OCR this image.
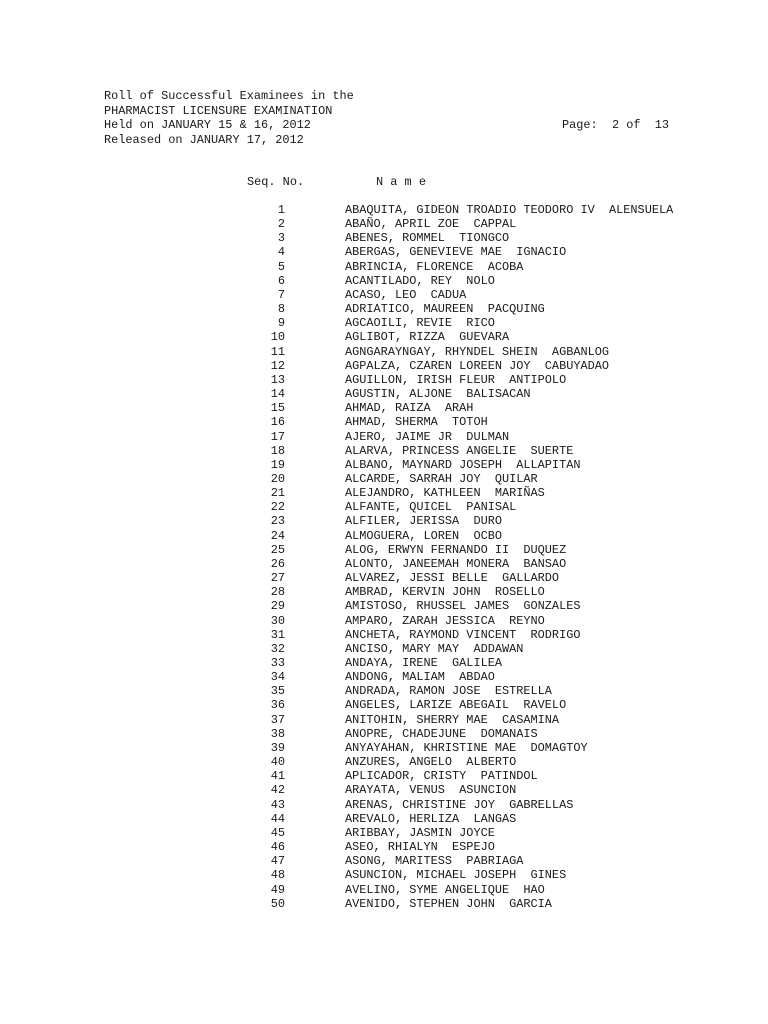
Roll of Successful Examinees in the
PHARMACIST LICENSURE EXAMINATION
Held on JANUARY 15 & 16, 2012
Released on JANUARY 17, 2012
Page:  2 of  13
Seq. No.	N a m e
1	ABAQUITA, GIDEON TROADIO TEODORO IV  ALENSUELA
2	ABAÑO, APRIL ZOE  CAPPAL
3	ABENES, ROMMEL  TIONGCO
4	ABERGAS, GENEVIEVE MAE  IGNACIO
5	ABRINCIA, FLORENCE  ACOBA
6	ACANTILADO, REY  NOLO
7	ACASO, LEO  CADUA
8	ADRIATICO, MAUREEN  PACQUING
9	AGCAOILI, REVIE  RICO
10	AGLIBOT, RIZZA  GUEVARA
11	AGNGARAYNGAY, RHYNDEL SHEIN  AGBANLOG
12	AGPALZA, CZAREN LOREEN JOY  CABUYADAO
13	AGUILLON, IRISH FLEUR  ANTIPOLO
14	AGUSTIN, ALJONE  BALISACAN
15	AHMAD, RAIZA  ARAH
16	AHMAD, SHERMA  TOTOH
17	AJERO, JAIME JR  DULMAN
18	ALARVA, PRINCESS ANGELIE  SUERTE
19	ALBANO, MAYNARD JOSEPH  ALLAPITAN
20	ALCARDE, SARRAH JOY  QUILAR
21	ALEJANDRO, KATHLEEN  MARIÑAS
22	ALFANTE, QUICEL  PANISAL
23	ALFILER, JERISSA  DURO
24	ALMOGUERA, LOREN  OCBO
25	ALOG, ERWYN FERNANDO II  DUQUEZ
26	ALONTO, JANEEMAH MONERA  BANSAO
27	ALVAREZ, JESSI BELLE  GALLARDO
28	AMBRAD, KERVIN JOHN  ROSELLO
29	AMISTOSO, RHUSSEL JAMES  GONZALES
30	AMPARO, ZARAH JESSICA  REYNO
31	ANCHETA, RAYMOND VINCENT  RODRIGO
32	ANCISO, MARY MAY  ADDAWAN
33	ANDAYA, IRENE  GALILEA
34	ANDONG, MALIAM  ABDAO
35	ANDRADA, RAMON JOSE  ESTRELLA
36	ANGELES, LARIZE ABEGAIL  RAVELO
37	ANITOHIN, SHERRY MAE  CASAMINA
38	ANOPRE, CHADEJUNE  DOMANAIS
39	ANYAYAHAN, KHRISTINE MAE  DOMAGTOY
40	ANZURES, ANGELO  ALBERTO
41	APLICADOR, CRISTY  PATINDOL
42	ARAYATA, VENUS  ASUNCION
43	ARENAS, CHRISTINE JOY  GABRELLAS
44	AREVALO, HERLIZA  LANGAS
45	ARIBBAY, JASMIN JOYCE
46	ASEO, RHIALYN  ESPEJO
47	ASONG, MARITESS  PABRIAGA
48	ASUNCION, MICHAEL JOSEPH  GINES
49	AVELINO, SYME ANGELIQUE  HAO
50	AVENIDO, STEPHEN JOHN  GARCIA
